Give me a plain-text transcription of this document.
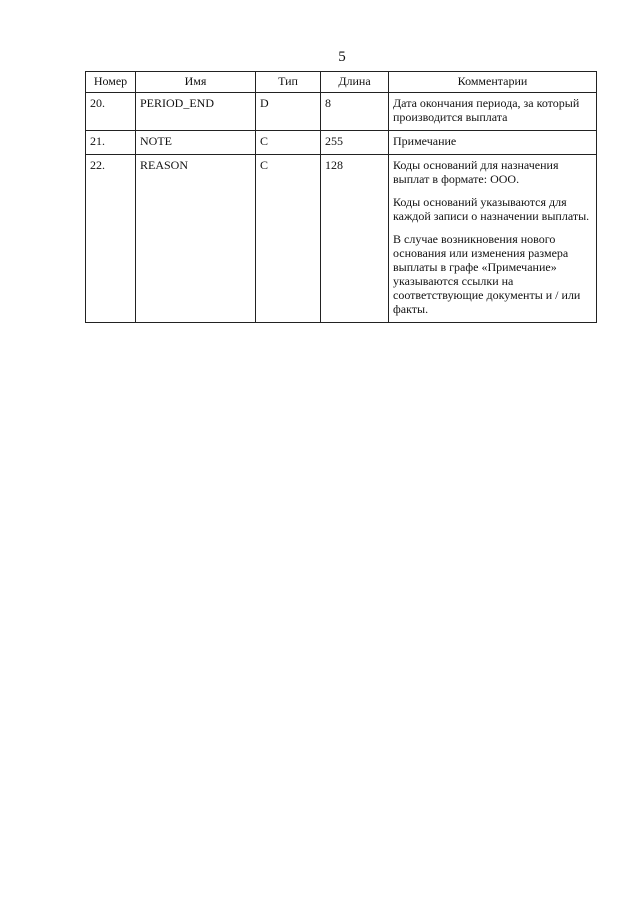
5
Номер	Имя	Тип	Длина	Комментарии
20.	PERIOD_END	D	8	Дата окончания периода, за который производится выплата

21.	NOTE	C	255	Примечание

22.	REASON	C	128	Коды оснований для назначения выплат в формате: ООО.
Коды оснований указываются для каждой записи о назначении выплаты.
В случае возникновения нового основания или изменения размера выплаты в графе «Примечание» указываются ссылки на соответствующие документы и / или факты.
